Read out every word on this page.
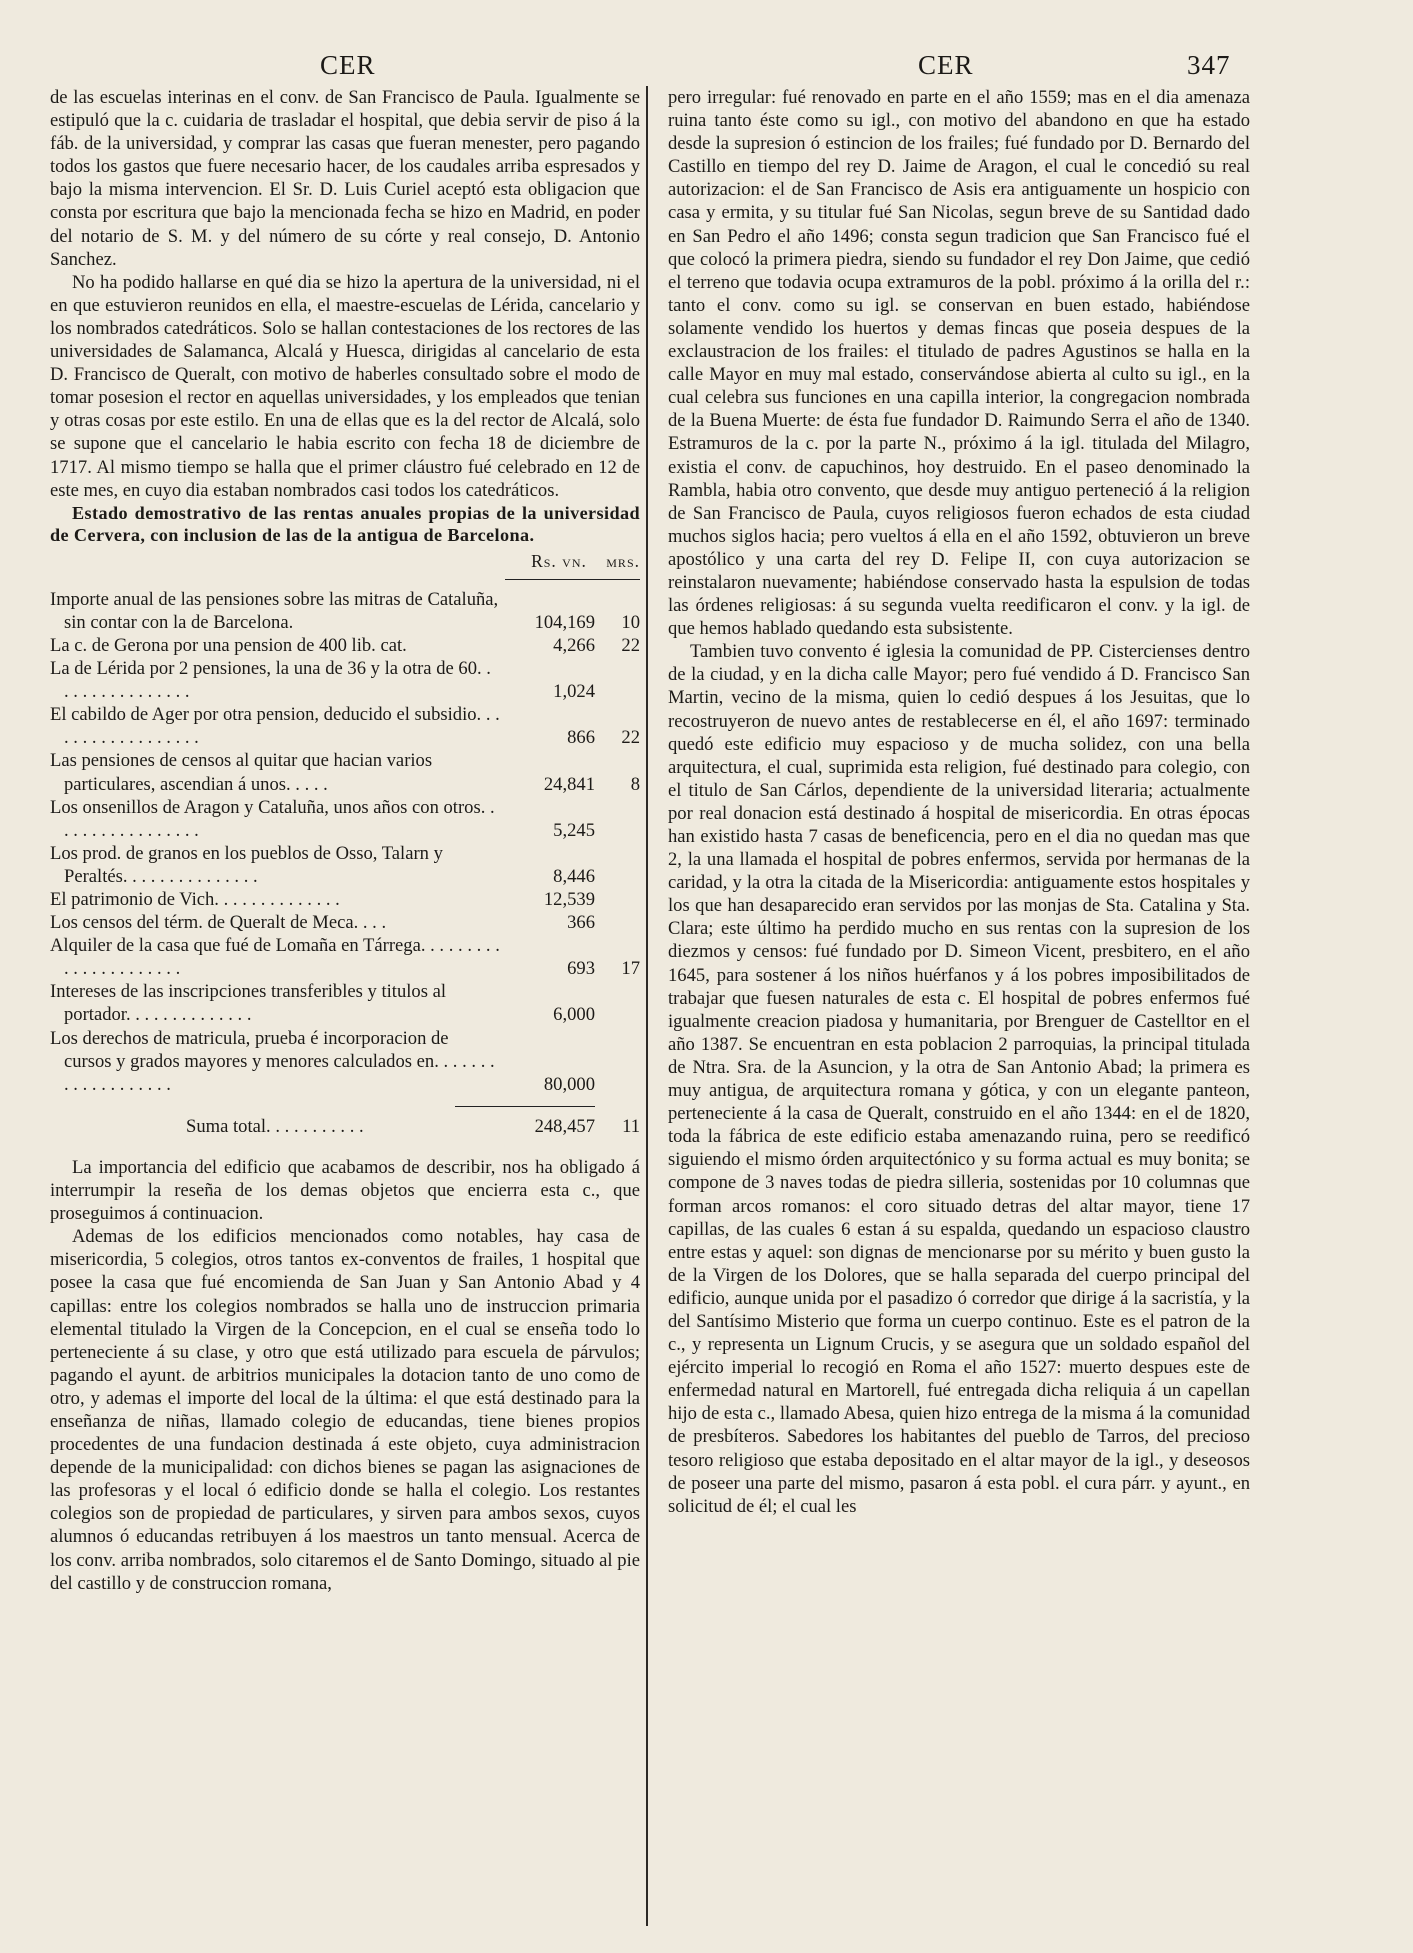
CER	CER	347

de las escuelas interinas en el conv. de San Francisco de Paula. Igualmente se estipuló que la c. cuidaria de trasladar el hospital, que debia servir de piso á la fáb. de la universidad, y comprar las casas que fueran menester, pero pagando todos los gastos que fuere necesario hacer, de los caudales arriba espresados y bajo la misma intervencion. El Sr. D. Luis Curiel aceptó esta obligacion que consta por escritura que bajo la mencionada fecha se hizo en Madrid, en poder del notario de S. M. y del número de su córte y real consejo, D. Antonio Sanchez.

No ha podido hallarse en qué dia se hizo la apertura de la universidad, ni el en que estuvieron reunidos en ella, el maestre-escuelas de Lérida, cancelario y los nombrados catedráticos. Solo se hallan contestaciones de los rectores de las universidades de Salamanca, Alcalá y Huesca, dirigidas al cancelario de esta D. Francisco de Queralt, con motivo de haberles consultado sobre el modo de tomar posesion el rector en aquellas universidades, y los empleados que tenian y otras cosas por este estilo. En una de ellas que es la del rector de Alcalá, solo se supone que el cancelario le habia escrito con fecha 18 de diciembre de 1717. Al mismo tiempo se halla que el primer cláustro fué celebrado en 12 de este mes, en cuyo dia estaban nombrados casi todos los catedráticos.

Estado demostrativo de las rentas anuales propias de la universidad de Cervera, con inclusion de las de la antigua de Barcelona.

Rs. vn. mrs.
Importe anual de las pensiones sobre las mitras de Cataluña, sin contar con la de Barcelona.	104,169	10
La c. de Gerona por una pension de 400 lib. cat.	4,266	22
La de Lérida por 2 pensiones, la una de 36 y la otra de 60. . . . . . . . . . . . . . . .	1,024
El cabildo de Ager por otra pension, deducido el subsidio. . . . . . . . . . . . . . . . . .	866	22
Las pensiones de censos al quitar que hacian varios particulares, ascendian á unos. . . . .	24,841	8
Los onsenillos de Aragon y Cataluña, unos años con otros. . . . . . . . . . . . . . . . .	5,245
Los prod. de granos en los pueblos de Osso, Talarn y Peraltés. . . . . . . . . . . . . . .	8,446
El patrimonio de Vich. . . . . . . . . . . . . .	12,539
Los censos del térm. de Queralt de Meca. . . .	366
Alquiler de la casa que fué de Lomaña en Tárrega. . . . . . . . . . . . . . . . . . . . . .	693	17
Intereses de las inscripciones transferibles y titulos al portador. . . . . . . . . . . . . .	6,000
Los derechos de matricula, prueba é incorporacion de cursos y grados mayores y menores calculados en. . . . . . . . . . . . . . . . . . .	80,000
Suma total. . . . . . . . . . .	248,457	11

La importancia del edificio que acabamos de describir, nos ha obligado á interrumpir la reseña de los demas objetos que encierra esta c., que proseguimos á continuacion.

Ademas de los edificios mencionados como notables, hay casa de misericordia, 5 colegios, otros tantos ex-conventos de frailes, 1 hospital que posee la casa que fué encomienda de San Juan y San Antonio Abad y 4 capillas: entre los colegios nombrados se halla uno de instruccion primaria elemental titulado la Virgen de la Concepcion, en el cual se enseña todo lo perteneciente á su clase, y otro que está utilizado para escuela de párvulos; pagando el ayunt. de arbitrios municipales la dotacion tanto de uno como de otro, y ademas el importe del local de la última: el que está destinado para la enseñanza de niñas, llamado colegio de educandas, tiene bienes propios procedentes de una fundacion destinada á este objeto, cuya administracion depende de la municipalidad: con dichos bienes se pagan las asignaciones de las profesoras y el local ó edificio donde se halla el colegio. Los restantes colegios son de propiedad de particulares, y sirven para ambos sexos, cuyos alumnos ó educandas retribuyen á los maestros un tanto mensual. Acerca de los conv. arriba nombrados, solo citaremos el de Santo Domingo, situado al pie del castillo y de construccion romana,

pero irregular: fué renovado en parte en el año 1559; mas en el dia amenaza ruina tanto éste como su igl., con motivo del abandono en que ha estado desde la supresion ó estincion de los frailes; fué fundado por D. Bernardo del Castillo en tiempo del rey D. Jaime de Aragon, el cual le concedió su real autorizacion: el de San Francisco de Asis era antiguamente un hospicio con casa y ermita, y su titular fué San Nicolas, segun breve de su Santidad dado en San Pedro el año 1496; consta segun tradicion que San Francisco fué el que colocó la primera piedra, siendo su fundador el rey Don Jaime, que cedió el terreno que todavia ocupa extramuros de la pobl. próximo á la orilla del r.: tanto el conv. como su igl. se conservan en buen estado, habiéndose solamente vendido los huertos y demas fincas que poseia despues de la exclaustracion de los frailes: el titulado de padres Agustinos se halla en la calle Mayor en muy mal estado, conservándose abierta al culto su igl., en la cual celebra sus funciones en una capilla interior, la congregacion nombrada de la Buena Muerte: de ésta fue fundador D. Raimundo Serra el año de 1340. Estramuros de la c. por la parte N., próximo á la igl. titulada del Milagro, existia el conv. de capuchinos, hoy destruido. En el paseo denominado la Rambla, habia otro convento, que desde muy antiguo perteneció á la religion de San Francisco de Paula, cuyos religiosos fueron echados de esta ciudad muchos siglos hacia; pero vueltos á ella en el año 1592, obtuvieron un breve apostólico y una carta del rey D. Felipe II, con cuya autorizacion se reinstalaron nuevamente; habiéndose conservado hasta la espulsion de todas las órdenes religiosas: á su segunda vuelta reedificaron el conv. y la igl. de que hemos hablado quedando esta subsistente.

Tambien tuvo convento é iglesia la comunidad de PP. Cistercienses dentro de la ciudad, y en la dicha calle Mayor; pero fué vendido á D. Francisco San Martin, vecino de la misma, quien lo cedió despues á los Jesuitas, que lo recostruyeron de nuevo antes de restablecerse en él, el año 1697: terminado quedó este edificio muy espacioso y de mucha solidez, con una bella arquitectura, el cual, suprimida esta religion, fué destinado para colegio, con el titulo de San Cárlos, dependiente de la universidad literaria; actualmente por real donacion está destinado á hospital de misericordia. En otras épocas han existido hasta 7 casas de beneficencia, pero en el dia no quedan mas que 2, la una llamada el hospital de pobres enfermos, servida por hermanas de la caridad, y la otra la citada de la Misericordia: antiguamente estos hospitales y los que han desaparecido eran servidos por las monjas de Sta. Catalina y Sta. Clara; este último ha perdido mucho en sus rentas con la supresion de los diezmos y censos: fué fundado por D. Simeon Vicent, presbitero, en el año 1645, para sostener á los niños huérfanos y á los pobres imposibilitados de trabajar que fuesen naturales de esta c. El hospital de pobres enfermos fué igualmente creacion piadosa y humanitaria, por Brenguer de Castelltor en el año 1387. Se encuentran en esta poblacion 2 parroquias, la principal titulada de Ntra. Sra. de la Asuncion, y la otra de San Antonio Abad; la primera es muy antigua, de arquitectura romana y gótica, y con un elegante panteon, perteneciente á la casa de Queralt, construido en el año 1344: en el de 1820, toda la fábrica de este edificio estaba amenazando ruina, pero se reedificó siguiendo el mismo órden arquitectónico y su forma actual es muy bonita; se compone de 3 naves todas de piedra silleria, sostenidas por 10 columnas que forman arcos romanos: el coro situado detras del altar mayor, tiene 17 capillas, de las cuales 6 estan á su espalda, quedando un espacioso claustro entre estas y aquel: son dignas de mencionarse por su mérito y buen gusto la de la Virgen de los Dolores, que se halla separada del cuerpo principal del edificio, aunque unida por el pasadizo ó corredor que dirige á la sacristía, y la del Santísimo Misterio que forma un cuerpo continuo. Este es el patron de la c., y representa un Lignum Crucis, y se asegura que un soldado español del ejército imperial lo recogió en Roma el año 1527: muerto despues este de enfermedad natural en Martorell, fué entregada dicha reliquia á un capellan hijo de esta c., llamado Abesa, quien hizo entrega de la misma á la comunidad de presbíteros. Sabedores los habitantes del pueblo de Tarros, del precioso tesoro religioso que estaba depositado en el altar mayor de la igl., y deseosos de poseer una parte del mismo, pasaron á esta pobl. el cura párr. y ayunt., en solicitud de él; el cual les
